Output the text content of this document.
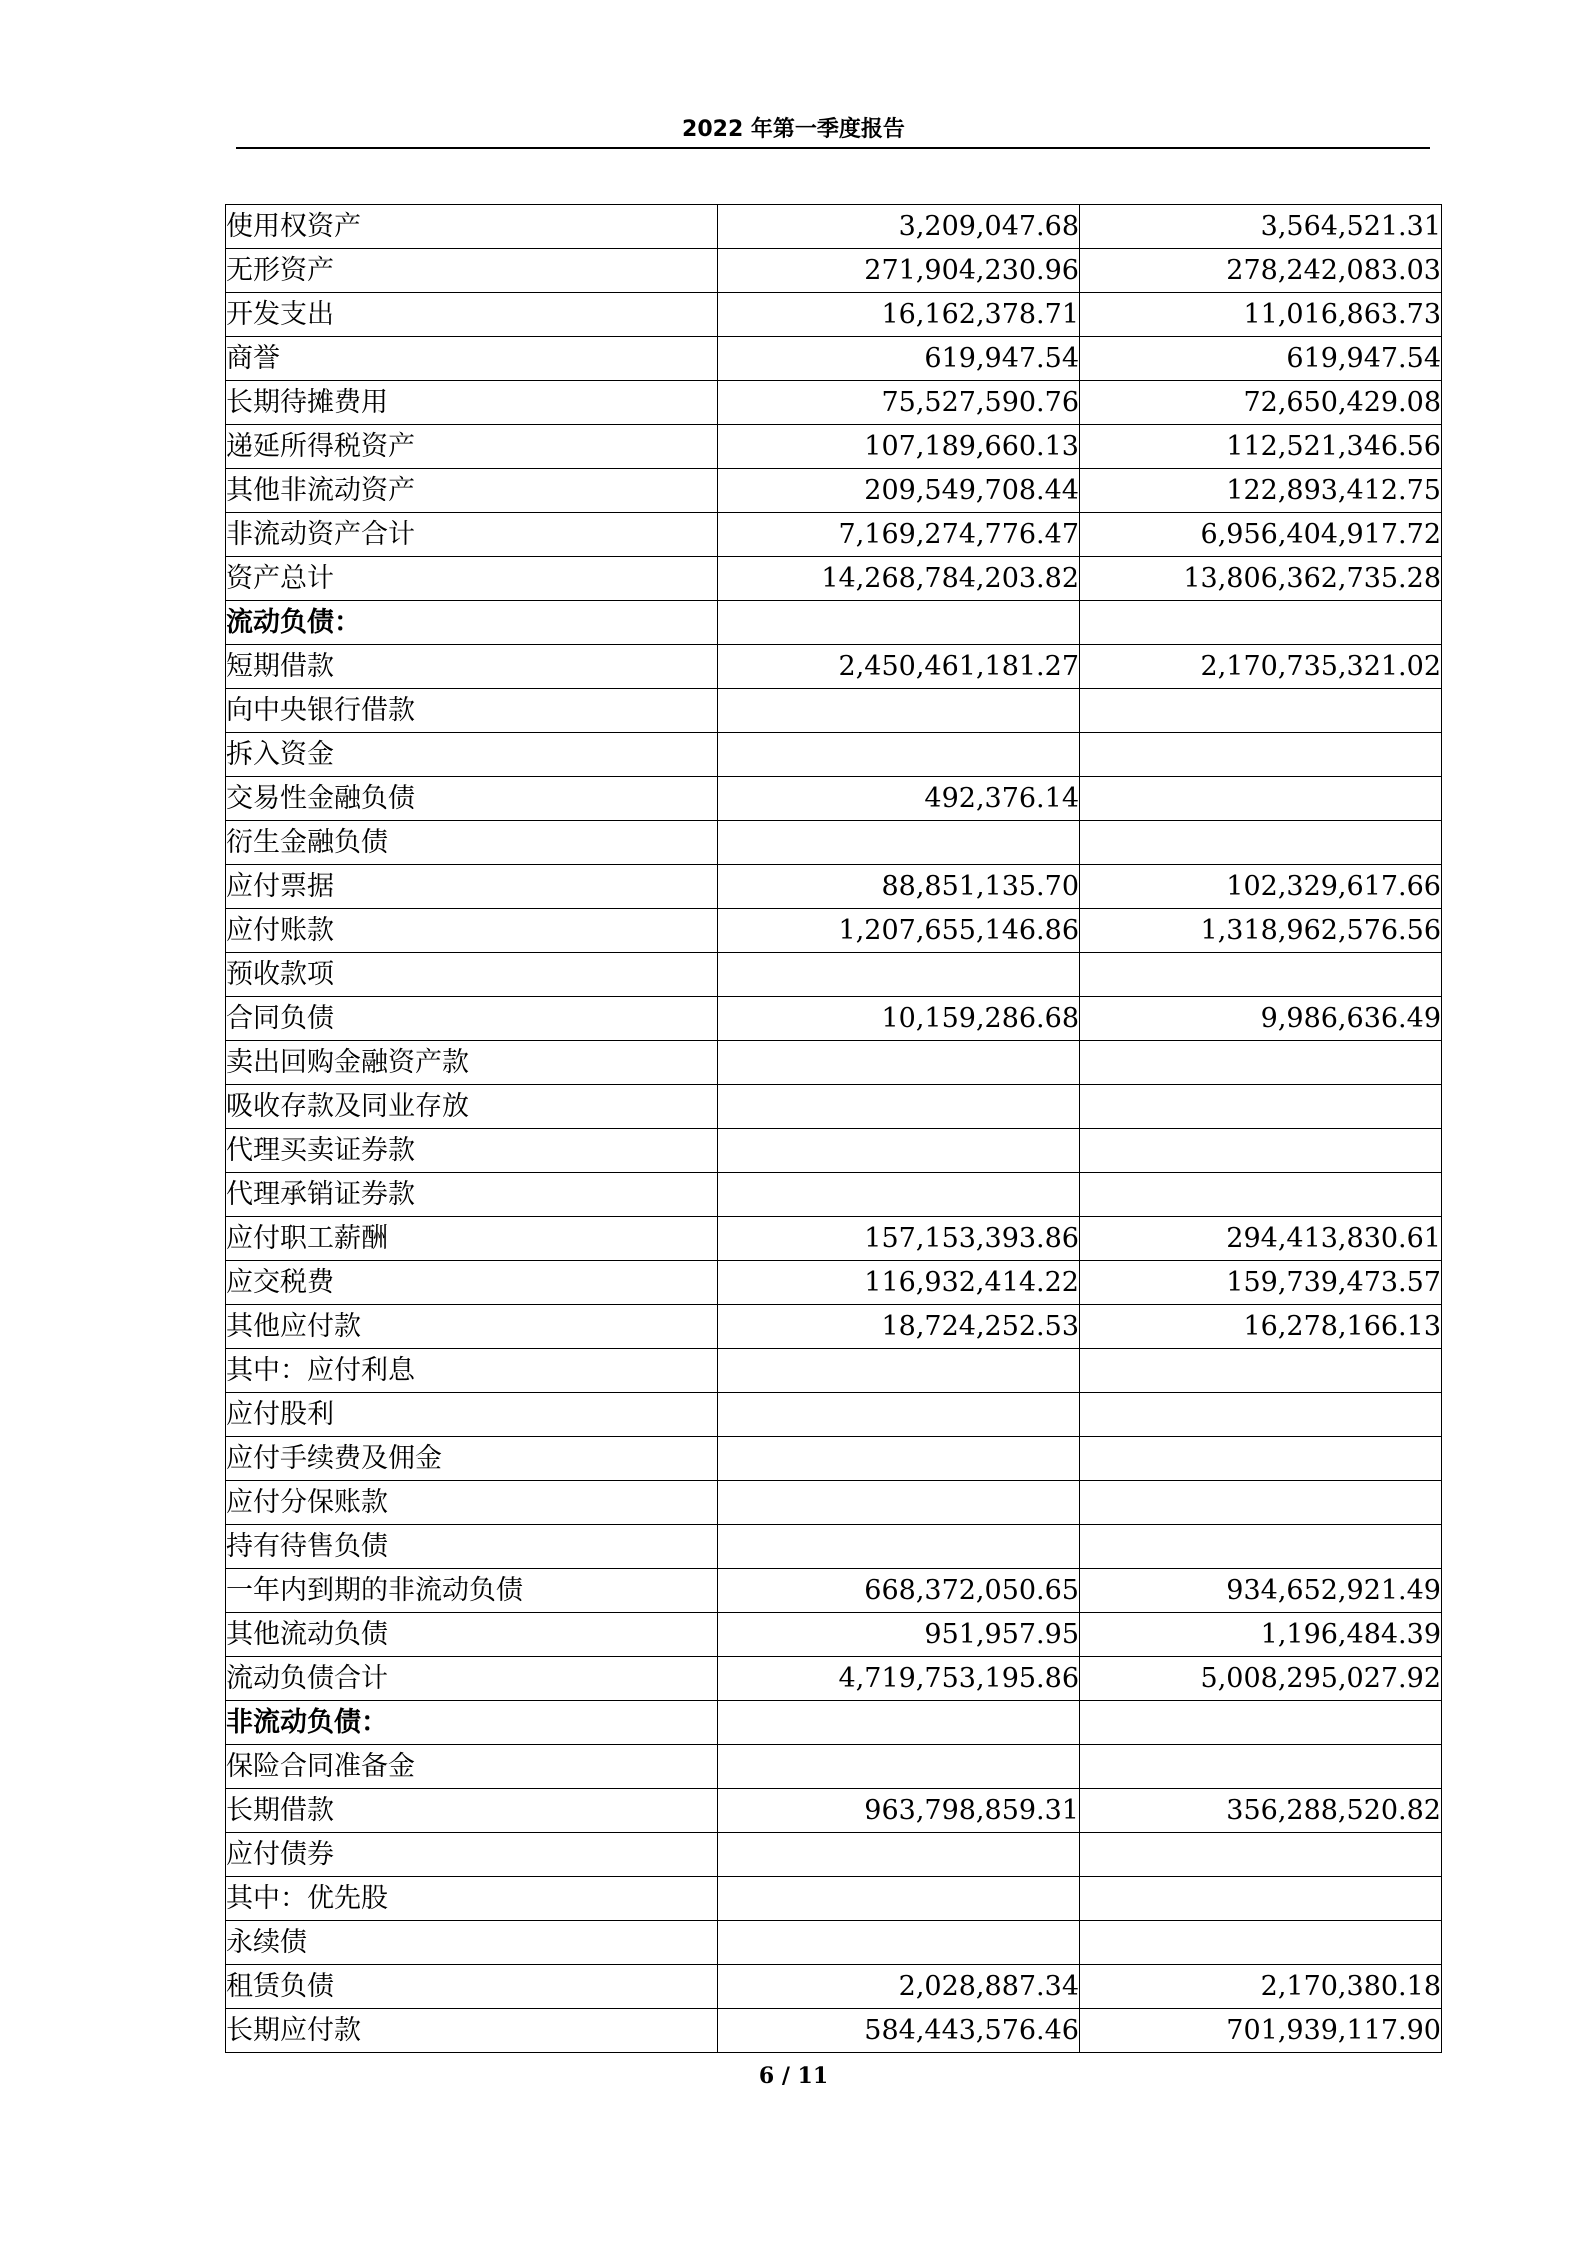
2022 年第一季度报告
使用权资产	3,209,047.68	3,564,521.31
无形资产	271,904,230.96	278,242,083.03
开发支出	16,162,378.71	11,016,863.73
商誉	619,947.54	619,947.54
长期待摊费用	75,527,590.76	72,650,429.08
递延所得税资产	107,189,660.13	112,521,346.56
其他非流动资产	209,549,708.44	122,893,412.75
非流动资产合计	7,169,274,776.47	6,956,404,917.72
资产总计	14,268,784,203.82	13,806,362,735.28
流动负债：		
短期借款	2,450,461,181.27	2,170,735,321.02
向中央银行借款		
拆入资金		
交易性金融负债	492,376.14	
衍生金融负债		
应付票据	88,851,135.70	102,329,617.66
应付账款	1,207,655,146.86	1,318,962,576.56
预收款项		
合同负债	10,159,286.68	9,986,636.49
卖出回购金融资产款		
吸收存款及同业存放		
代理买卖证券款		
代理承销证券款		
应付职工薪酬	157,153,393.86	294,413,830.61
应交税费	116,932,414.22	159,739,473.57
其他应付款	18,724,252.53	16,278,166.13
其中：应付利息		
应付股利		
应付手续费及佣金		
应付分保账款		
持有待售负债		
一年内到期的非流动负债	668,372,050.65	934,652,921.49
其他流动负债	951,957.95	1,196,484.39
流动负债合计	4,719,753,195.86	5,008,295,027.92
非流动负债：		
保险合同准备金		
长期借款	963,798,859.31	356,288,520.82
应付债券		
其中：优先股		
永续债		
租赁负债	2,028,887.34	2,170,380.18
长期应付款	584,443,576.46	701,939,117.90
6 / 11
